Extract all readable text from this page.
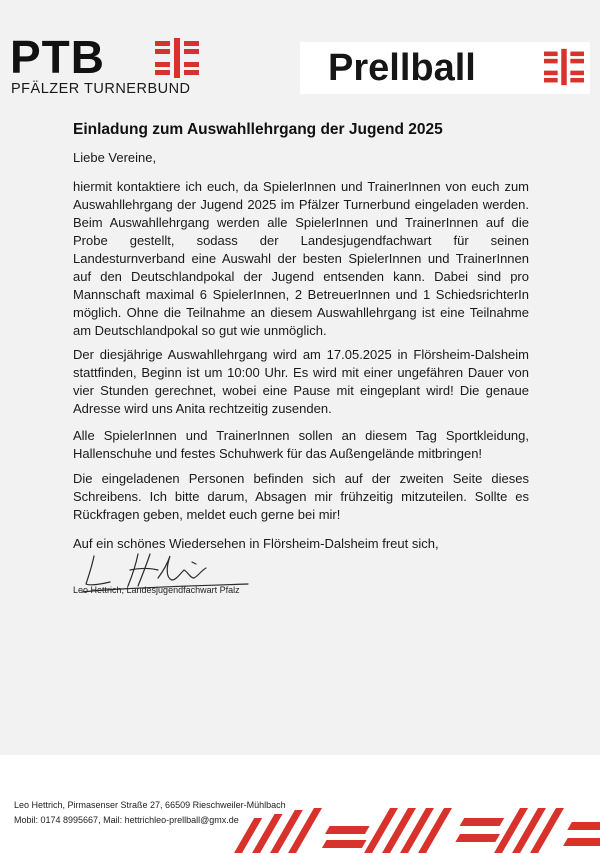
PTB
PFÄLZER TURNERBUND	Prellball
Einladung zum Auswahllehrgang der Jugend 2025
Liebe Vereine,

hiermit kontaktiere ich euch, da SpielerInnen und TrainerInnen von euch zum Auswahllehrgang der Jugend 2025 im Pfälzer Turnerbund eingeladen werden. Beim Auswahllehrgang werden alle SpielerInnen und TrainerInnen auf die Probe gestellt, sodass der Landesjugendfachwart für seinen Landesturnverband eine Auswahl der besten SpielerInnen und TrainerInnen auf den Deutschlandpokal der Jugend entsenden kann. Dabei sind pro Mannschaft maximal 6 SpielerInnen, 2 BetreuerInnen und 1 SchiedsrichterIn möglich. Ohne die Teilnahme an diesem Auswahllehrgang ist eine Teilnahme am Deutschlandpokal so gut wie unmöglich.

Der diesjährige Auswahllehrgang wird am 17.05.2025 in Flörsheim-Dalsheim stattfinden, Beginn ist um 10:00 Uhr. Es wird mit einer ungefähren Dauer von vier Stunden gerechnet, wobei eine Pause mit eingeplant wird! Die genaue Adresse wird uns Anita rechtzeitig zusenden.

Alle SpielerInnen und TrainerInnen sollen an diesem Tag Sportkleidung, Hallenschuhe und festes Schuhwerk für das Außengelände mitbringen!

Die eingeladenen Personen befinden sich auf der zweiten Seite dieses Schreibens. Ich bitte darum, Absagen mir frühzeitig mitzuteilen. Sollte es Rückfragen geben, meldet euch gerne bei mir!

Auf ein schönes Wiedersehen in Flörsheim-Dalsheim freut sich,

Leo Hettrich, Landesjugendfachwart Pfalz
Leo Hettrich, Pirmasenser Straße 27, 66509 Rieschweiler-Mühlbach
Mobil: 0174 8995667, Mail: hettrichleo-prellball@gmx.de
